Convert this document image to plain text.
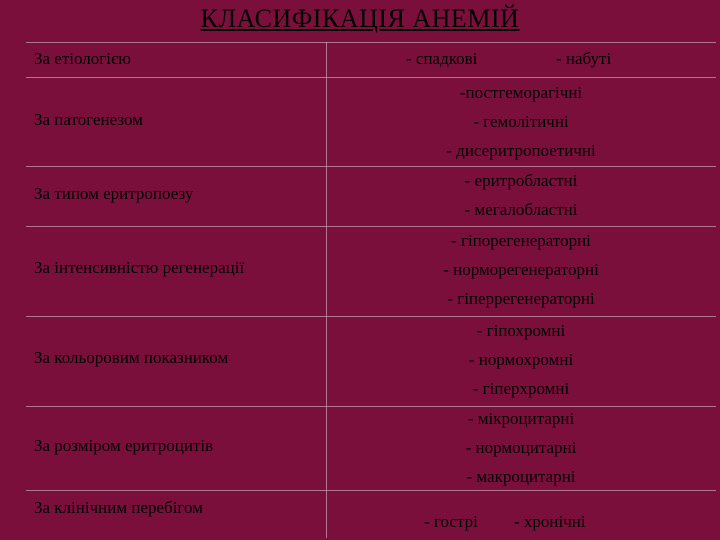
КЛАСИФІКАЦІЯ АНЕМІЙ
За етіологією	- спадкові	- набуті
За патогенезом
-постгеморагічні
- гемолітичні
- дисеритропоетичні
За типом еритропоезу
- еритробластні
- мегалобластні
За інтенсивністю регенерації
- гіпорегенераторні
- норморегенераторні
- гіперрегенераторні
За кольоровим показником
- гіпохромні
- нормохромні
- гіперхромні
За розміром еритроцитів
- мікроцитарні
- нормоцитарні
- макроцитарні
За клінічним перебігом
- гострі - хронічні
